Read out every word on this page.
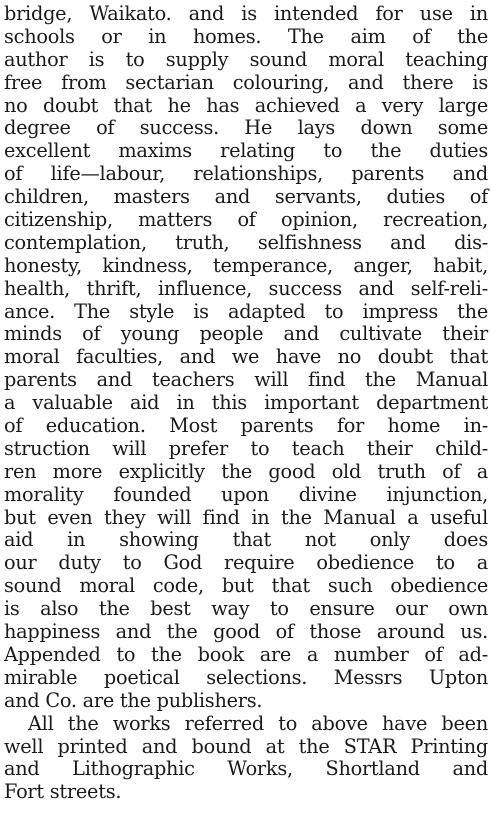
bridge, Waikato. and is intended for use in
schools or in homes. The aim of the
author is to supply sound moral teaching
free from sectarian colouring, and there is
no doubt that he has achieved a very large
degree of success. He lays down some
excellent maxims relating to the duties
of life—labour, relationships, parents and
children, masters and servants, duties of
citizenship, matters of opinion, recreation,
contemplation, truth, selfishness and dis-
honesty, kindness, temperance, anger, habit,
health, thrift, influence, success and self-reli-
ance. The style is adapted to impress the
minds of young people and cultivate their
moral faculties, and we have no doubt that
parents and teachers will find the Manual
a valuable aid in this important department
of education. Most parents for home in-
struction will prefer to teach their child-
ren more explicitly the good old truth of a
morality founded upon divine injunction,
but even they will find in the Manual a useful
aid in showing that not only does
our duty to God require obedience to a
sound moral code, but that such obedience
is also the best way to ensure our own
happiness and the good of those around us.
Appended to the book are a number of ad-
mirable poetical selections. Messrs Upton
and Co. are the publishers.
All the works referred to above have been
well printed and bound at the STAR Printing
and Lithographic Works, Shortland and
Fort streets.
